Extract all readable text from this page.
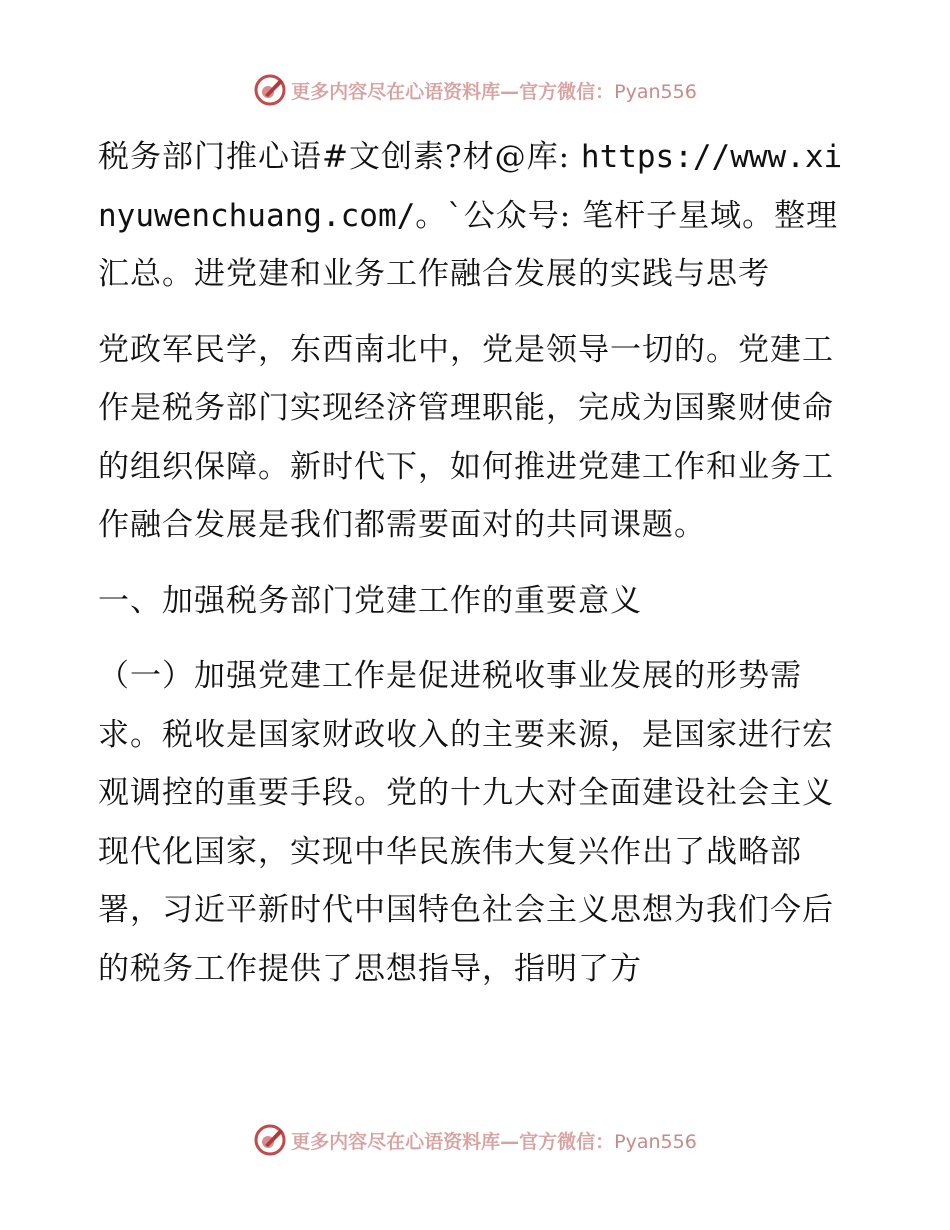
更多内容尽在心语资料库—官方微信：Pyan556

税务部门推心语#文创素?材@库: https://www.xinyuwenchuang.com/。`公众号: 笔杆子星域。整理汇总。进党建和业务工作融合发展的实践与思考

党政军民学，东西南北中，党是领导一切的。党建工作是税务部门实现经济管理职能，完成为国聚财使命的组织保障。新时代下，如何推进党建工作和业务工作融合发展是我们都需要面对的共同课题。

一、加强税务部门党建工作的重要意义

（一）加强党建工作是促进税收事业发展的形势需求。税收是国家财政收入的主要来源，是国家进行宏观调控的重要手段。党的十九大对全面建设社会主义现代化国家，实现中华民族伟大复兴作出了战略部署，习近平新时代中国特色社会主义思想为我们今后的税务工作提供了思想指导，指明了方

更多内容尽在心语资料库—官方微信：Pyan556
